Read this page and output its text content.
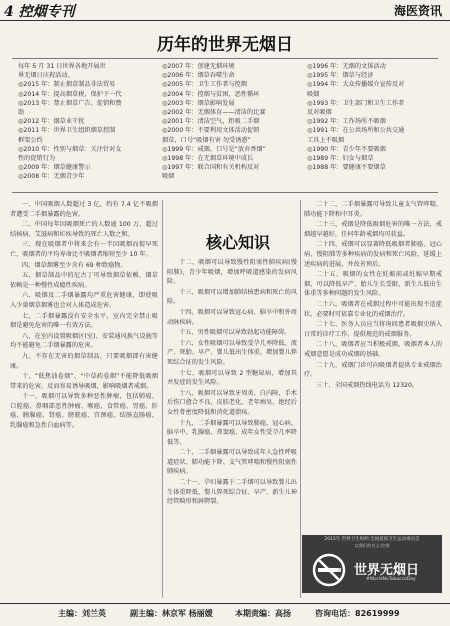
4 控烟专刊	海医资讯
历年的世界无烟日
每年 5 月 31 日世界各地开展世
界无烟日庆祝活动。
◎2015 年：制止烟草制品非法贸易
◎2014 年：提高烟草税，保护下一代
◎2013 年：禁止烟草广告、促销和赞
助
◎2012 年：烟草业干扰
◎2011 年：世界卫生组织烟草控制
框架公约
◎2010 年：性别与烟草：关注针对女
性的促销行为
◎2009 年：烟草健康警示
◎2008 年：无烟青少年
◎2007 年：创建无烟环境
◎2006 年：烟草吞噬生命
◎2005 年：卫生工作者与控烟
◎2004 年：控烟与贫困，恶性循环
◎2003 年：烟草影响发展
◎2002 年：无烟体育——清洁的比赛
◎2001 年：清洁空气，拒吸二手烟
◎2000 年：不要利用文体活动促销
烟草，口号“吸烟有害 勿受诱惑”
◎1999 年：戒烟，口号是“放弃香烟”
◎1998 年：在无烟草环境中成长
◎1997 年：联合国和有关机构反对
吸烟
◎1996 年：无烟的文体活动
◎1995 年：烟草与经济
◎1994 年：大众传播媒介宣传反对
吸烟
◎1993 年：卫生部门和卫生工作者
反对吸烟
◎1992 年：工作场所不吸烟
◎1991 年：在公共场所和公共交通
工具上不吸烟
◎1990 年：青少年不要吸烟
◎1989 年：妇女与烟草
◎1988 年：要健康不要烟草
核心知识

一、中国吸烟人数超过 3 亿，约有 7.4 亿不吸烟者遭受二手烟暴露的危害。

二、中国每年因吸烟死亡的人数逾 100 万，超过结核病、艾滋病和疟疾导致的死亡人数之和。

三、现在吸烟者中将来会有一半因吸烟而提早死亡，吸烟者的平均寿命比不吸烟者缩短至少 10 年。

四、烟草烟雾至少含有 69 种致癌物。

五、烟草制品中的尼古丁可导致烟草依赖，烟草依赖是一种慢性成瘾性疾病。

六、吸烟及二手烟暴露均严重危害健康，即使吸入少量烟草烟雾也会对人体造成危害。

七、二手烟暴露没有安全水平，室内完全禁止吸烟是避免危害的唯一有效方法。

八、在室内设置吸烟区(室)、安装通风换气设施等均不能避免二手烟暴露的危害。

九、不存在无害的烟草制品，只要吸烟即有害健康。

十、“低焦油卷烟”、“中草药卷烟”不能降低吸烟带来的危害，反而容易诱导吸烟，影响吸烟者戒烟。

十一、吸烟可以导致多种恶性肿瘤，包括肺癌、口腔癌、鼻咽部恶性肿瘤、喉癌、食管癌、胃癌、肝癌、胰腺癌、肾癌、膀胱癌、宫颈癌、结肠直肠癌、乳腺癌和急性白血病等。

十二、吸烟可以导致慢性阻塞性肺疾病(慢阻肺)，青少年吸烟，增加呼吸道感染的发病风险。

十三、吸烟可以增加肺结核患病和死亡的风险。

十四、吸烟可以导致冠心病、脑卒中和外周动脉疾病。

十五、男性吸烟可以导致勃起功能障碍。

十六、女性吸烟可以导致受孕几率降低、流产、死胎、早产、婴儿低出生体重，增加婴儿猝死综合征的发生风险。

十七、吸烟可以导致 2 型糖尿病，增加其并发症的发生风险。

十八、吸烟可以导致牙周炎、白内障、手术后伤口愈合不良、皮肤老化、老年痴呆、绝经后女性骨密度降低和消化道溃疡。

十九、二手烟暴露可以导致肺癌、冠心病、脑卒中、乳腺癌、鼻窦癌、成年女性受孕几率降低等。

二十、二手烟暴露可以导致成年人急性呼吸道症状、肺功能下降、支气管哮喘和慢性阻塞性肺疾病。

二十一、孕妇暴露于二手烟可以导致婴儿出生体重降低、婴儿猝死综合征、早产、新生儿神经管畸形和唇腭裂。

二十二、二手烟暴露可导致儿童支气管哮喘、肺功能下降和中耳炎。

二十三、戒烟是降低吸烟危害的唯一方法，戒烟越早越好，任何年龄戒烟均可获益。

二十四、戒烟可以显著降低吸烟者肺癌、冠心病、慢阻肺等多种疾病的发病和死亡风险，延缓上述疾病的进展，并改善预后。

二十五、吸烟的女性在妊娠前或妊娠早期戒烟，可以降低早产、胎儿生长受限、新生儿低出生体重等多种问题的发生风险。

二十六、吸烟者在戒烟过程中可能出现不适症状，必要时可依靠专业化的戒烟治疗。

二十七、医务人员应当将询问患者吸烟史纳入日常的诊疗工作，提供规范的戒烟服务。

二十八、吸烟者应当积极戒烟，吸烟者本人的戒烟意愿是成功戒烟的基础。

二十九、戒烟门诊可向吸烟者提供专业戒烟治疗。

三十、全国戒烟热线电话为 12320。

2015年 世界卫生组织·全国爱国卫生运动委员会
以我们的名义·控烟
世界无烟日
#WorldNoTobaccoDay
主编：刘兰英	副主编：林京军 杨丽媛	本期责编：高扬	咨询电话：82619999
